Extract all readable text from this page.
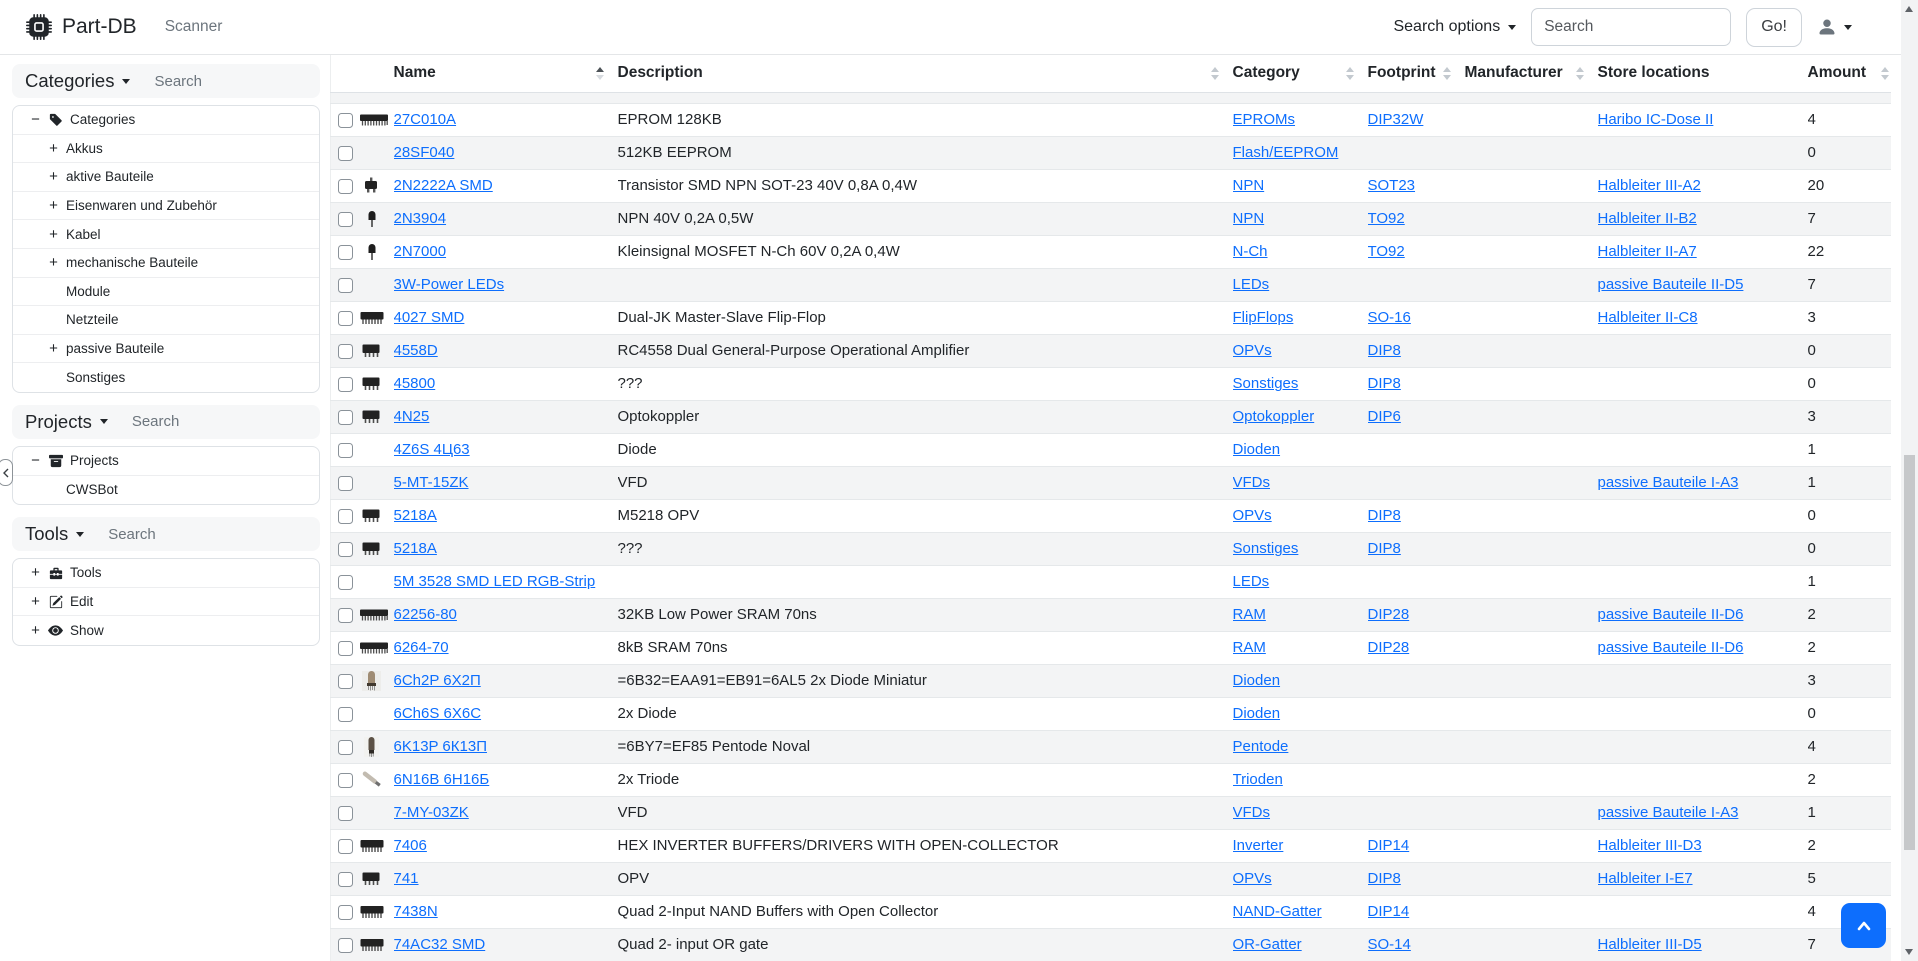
Part-DB Scanner	Search options
Search	Go!
Categories
Search
− Categories
+ Akkus
+ aktive Bauteile
+ Eisenwaren und Zubehör
+ Kabel
+ mechanische Bauteile
Module
Netzteile
+ passive Bauteile
Sonstiges
Projects
Search
− Projects
CWSBot
Tools
Search
+ Tools
+ Edit
+ Show
	Name		Description	Category	Footprint	Manufacturer	Store locations	Amount

	27C010A	EPROM 128KB	EPROMs	DIP32W		Haribo IC-Dose II	4
		28SF040	512KB EEPROM	Flash/EEPROM				0

	2N2222A SMD	Transistor SMD NPN SOT-23 40V 0,8A 0,4W	NPN	SOT23		Halbleiter III-A2	20

	2N3904	NPN 40V 0,2A 0,5W	NPN	TO92		Halbleiter II-B2	7

	2N7000	Kleinsignal MOSFET N-Ch 60V 0,2A 0,4W	N-Ch	TO92		Halbleiter II-A7	22
		3W-Power LEDs		LEDs			passive Bauteile II-D5	7

	4027 SMD	Dual-JK Master-Slave Flip-Flop	FlipFlops	SO-16		Halbleiter II-C8	3

	4558D	RC4558 Dual General-Purpose Operational Amplifier	OPVs	DIP8			0

	45800	???	Sonstiges	DIP8			0

	4N25	Optokoppler	Optokoppler	DIP6			3
		4Z6S 4Ц63	Diode	Dioden				1
		5-MT-15ZK	VFD	VFDs			passive Bauteile I-A3	1

	5218A	M5218 OPV	OPVs	DIP8			0

	5218A	???	Sonstiges	DIP8			0
		5M 3528 SMD LED RGB-Strip		LEDs				1

	62256-80	32KB Low Power SRAM 70ns	RAM	DIP28		passive Bauteile II-D6	2

	6264-70	8kB SRAM 70ns	RAM	DIP28		passive Bauteile II-D6	2

	6Ch2P 6Х2П	=6B32=EAA91=EB91=6AL5 2x Diode Miniatur	Dioden				3
		6Ch6S 6X6C	2x Diode	Dioden				0

	6K13P 6К13П	=6BY7=EF85 Pentode Noval	Pentode				4

	6N16B 6Н16Б	2x Triode	Trioden				2
		7-MY-03ZK	VFD	VFDs			passive Bauteile I-A3	1

	7406	HEX INVERTER BUFFERS/DRIVERS WITH OPEN-COLLECTOR	Inverter	DIP14		Halbleiter III-D3	2

	741	OPV	OPVs	DIP8		Halbleiter I-E7	5

	7438N	Quad 2-Input NAND Buffers with Open Collector	NAND-Gatter	DIP14			4

	74AC32 SMD	Quad 2- input OR gate	OR-Gatter	SO-14		Halbleiter III-D5	7
